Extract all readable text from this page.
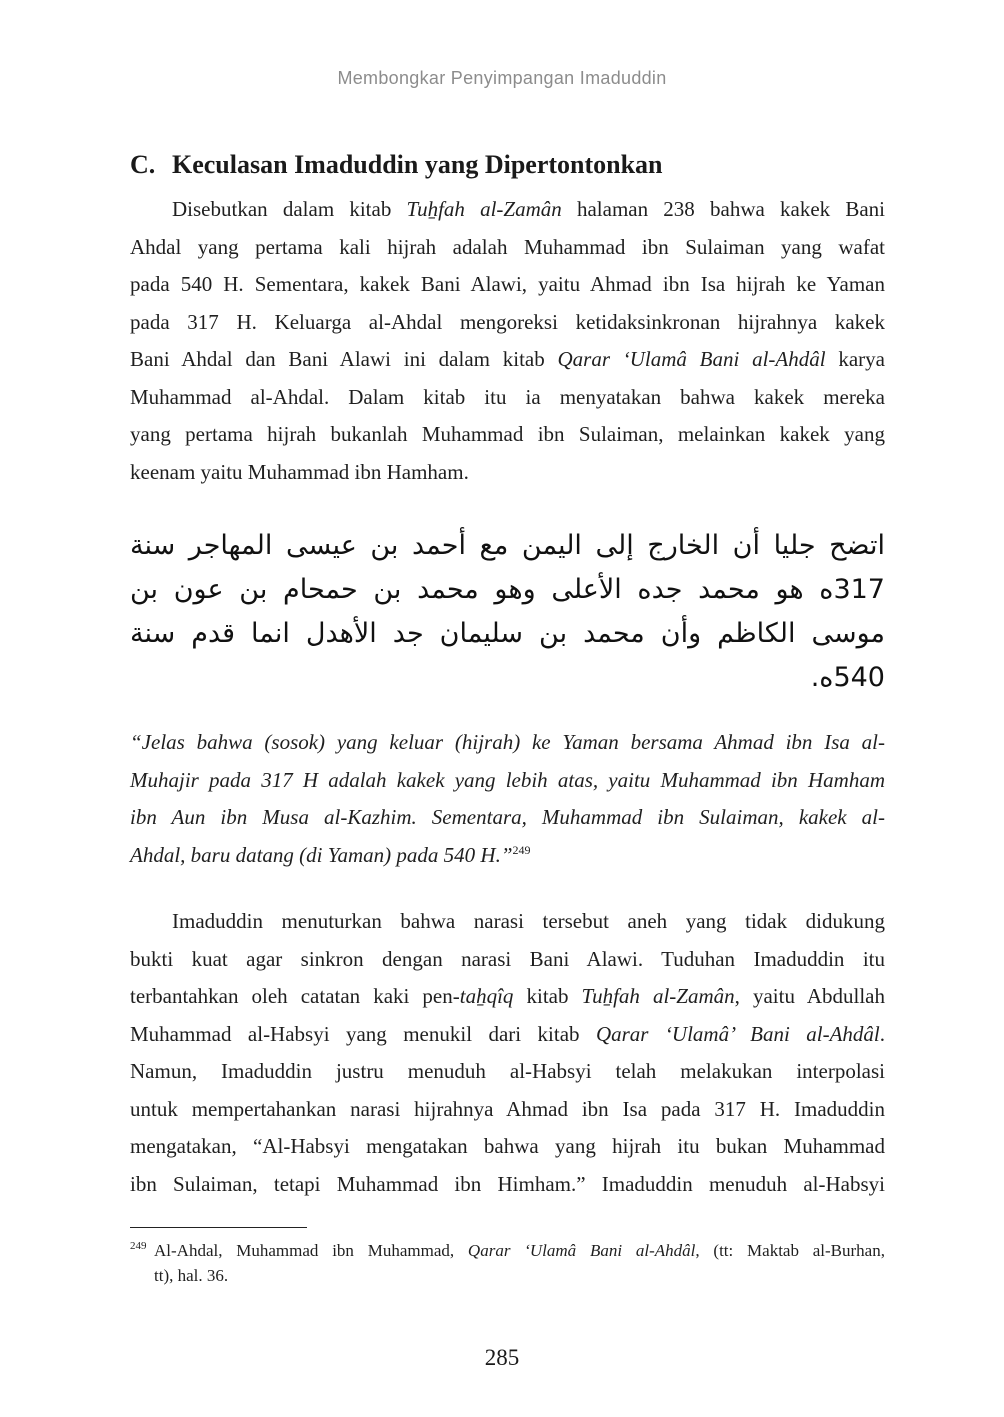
Membongkar Penyimpangan Imaduddin
C. Keculasan Imaduddin yang Dipertontonkan
Disebutkan dalam kitab Tuẖfah al-Zamân halaman 238 bahwa kakek Bani
Ahdal yang pertama kali hijrah adalah Muhammad ibn Sulaiman yang wafat
pada 540 H. Sementara, kakek Bani Alawi, yaitu Ahmad ibn Isa hijrah ke Yaman
pada 317 H. Keluarga al-Ahdal mengoreksi ketidaksinkronan hijrahnya kakek
Bani Ahdal dan Bani Alawi ini dalam kitab Qarar ‘Ulamâ Bani al-Ahdâl karya
Muhammad al-Ahdal. Dalam kitab itu ia menyatakan bahwa kakek mereka
yang pertama hijrah bukanlah Muhammad ibn Sulaiman, melainkan kakek yang
keenam yaitu Muhammad ibn Hamham.
اتضح جليا أن الخارج إلى اليمن مع أحمد بن عيسى المهاجر سنة 317ه هو محمد جده الأعلى وهو محمد بن حمحام بن عون بن موسى الكاظم وأن محمد بن سليمان جد الأهدل انما قدم سنة 540ه.
“Jelas bahwa (sosok) yang keluar (hijrah) ke Yaman bersama Ahmad ibn Isa al-
Muhajir pada 317 H adalah kakek yang lebih atas, yaitu Muhammad ibn Hamham
ibn Aun ibn Musa al-Kazhim. Sementara, Muhammad ibn Sulaiman, kakek al-
Ahdal, baru datang (di Yaman) pada 540 H.”$^{249}$
Imaduddin menuturkan bahwa narasi tersebut aneh yang tidak didukung
bukti kuat agar sinkron dengan narasi Bani Alawi. Tuduhan Imaduddin itu
terbantahkan oleh catatan kaki pen-taẖqîq kitab Tuẖfah al-Zamân, yaitu Abdullah
Muhammad al-Habsyi yang menukil dari kitab Qarar ‘Ulamâ’ Bani al-Ahdâl.
Namun, Imaduddin justru menuduh al-Habsyi telah melakukan interpolasi
untuk mempertahankan narasi hijrahnya Ahmad ibn Isa pada 317 H. Imaduddin
mengatakan, “Al-Habsyi mengatakan bahwa yang hijrah itu bukan Muhammad
ibn Sulaiman, tetapi Muhammad ibn Himham.” Imaduddin menuduh al-Habsyi
249 Al-Ahdal, Muhammad ibn Muhammad, Qarar ‘Ulamâ Bani al-Ahdâl, (tt: Maktab al-Burhan,
tt), hal. 36.
285
